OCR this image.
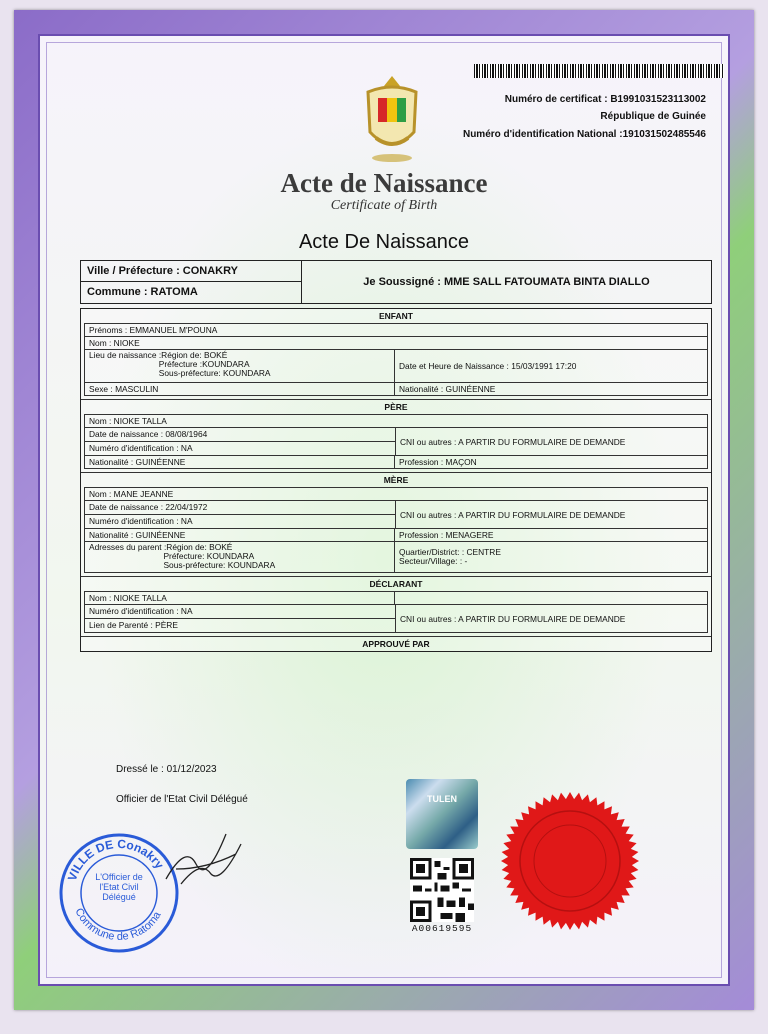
Numéro de certificat : B1991031523113002
République de Guinée
Numéro d'identification National :191031502485546
Acte de Naissance
Certificate of Birth
Acte De Naissance
Ville / Préfecture : CONAKRY
Commune : RATOMA
Je Soussigné : MME SALL FATOUMATA BINTA DIALLO
ENFANT
Prénoms : EMMANUEL M'POUNA
Nom : NIOKE
Lieu de naissance :Région de: BOKÉ
Préfecture :KOUNDARA
Sous-préfecture: KOUNDARA
Date et Heure de Naissance : 15/03/1991 17:20
Sexe : MASCULIN	Nationalité : GUINÉENNE
PÈRE
Nom : NIOKE TALLA
Date de naissance : 08/08/1964
Numéro d'identification : NA
CNI ou autres : A PARTIR DU FORMULAIRE DE DEMANDE
Nationalité : GUINÉENNE	Profession : MAÇON
MÈRE
Nom : MANE JEANNE
Date de naissance : 22/04/1972
Numéro d'identification : NA
CNI ou autres : A PARTIR DU FORMULAIRE DE DEMANDE
Nationalité : GUINÉENNE	Profession : MENAGERE
Adresses du parent :Région de: BOKÉ
Préfecture: KOUNDARA
Sous-préfecture: KOUNDARA
Quartier/District: : CENTRE
Secteur/Village: : -
DÉCLARANT
Nom : NIOKE TALLA
Numéro d'identification : NA
Lien de Parenté : PÈRE
CNI ou autres : A PARTIR DU FORMULAIRE DE DEMANDE
APPROUVÉ PAR
Dressé le : 01/12/2023
Officier de l'Etat Civil Délégué
VILLE DE Conakry
Commune de Ratoma
L'Officier de l'Etat Civil Délégué
TULEN
A00619595
